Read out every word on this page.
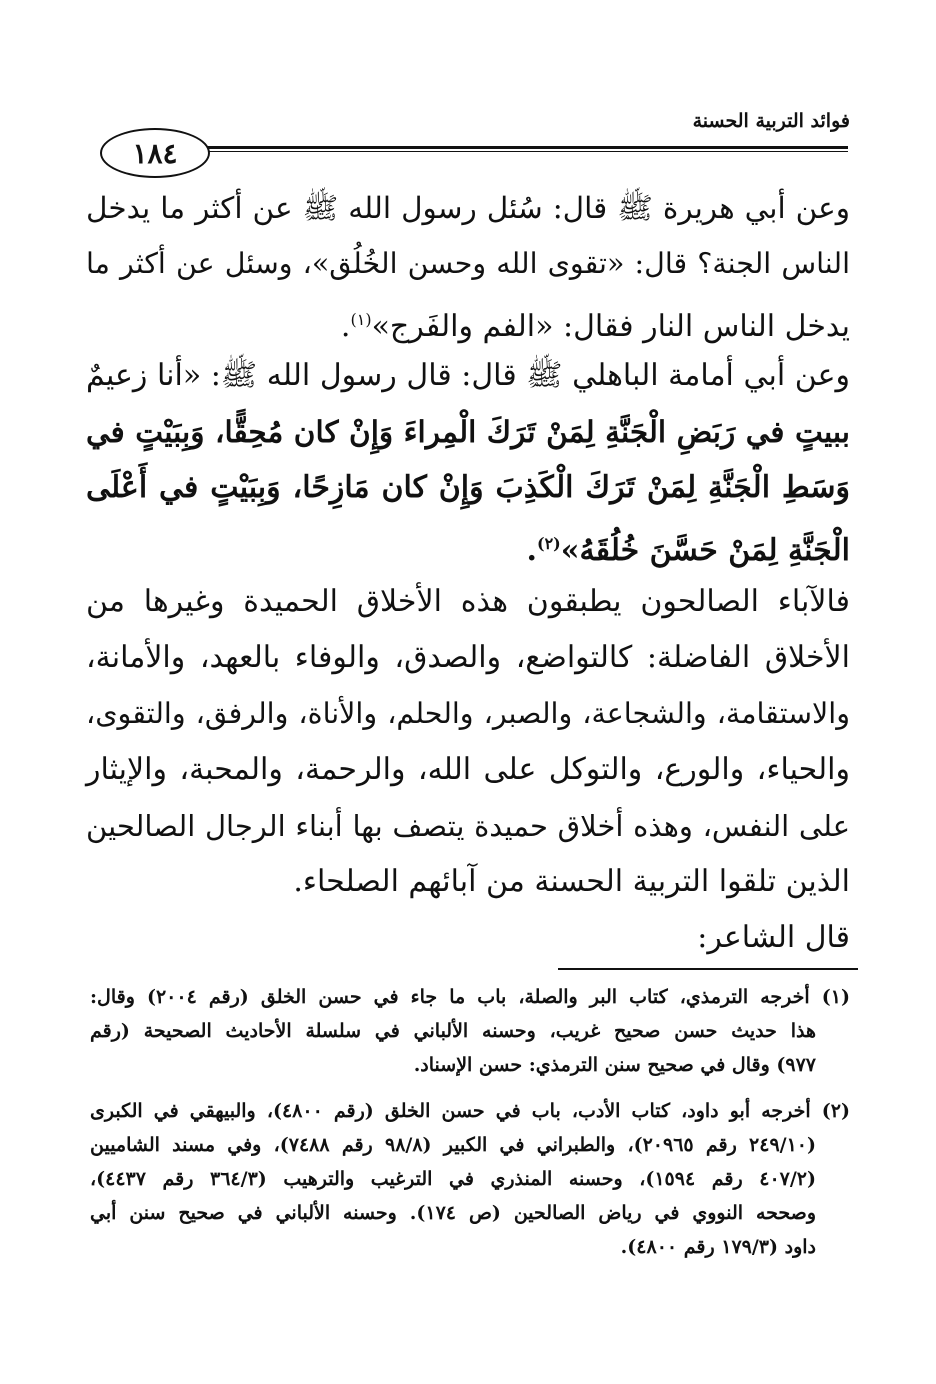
فوائد التربية الحسنة
١٨٤
وعن أبي هريرة ﷺ قال: سُئل رسول الله ﷺ عن أكثر ما يدخل
الناس الجنة؟ قال: «تقوى الله وحسن الخُلُق»، وسئل عن أكثر ما
يدخل الناس النار فقال: «الفم والفَرج»$^{(١)}$.
وعن أبي أمامة الباهلي ﷺ قال: قال رسول الله ﷺ: «أنا زعيمٌ
ببيتٍ في رَبَضِ الْجَنَّةِ لِمَنْ تَرَكَ الْمِراءَ وَإِنْ كان مُحِقًّا، وَبِبَيْتٍ في
وَسَطِ الْجَنَّةِ لِمَنْ تَرَكَ الْكَذِبَ وَإِنْ كان مَازِحًا، وَبِبَيْتٍ في أَعْلَى
الْجَنَّةِ لِمَنْ حَسَّنَ خُلُقَهُ»$^{(٢)}$.
فالآباء الصالحون يطبقون هذه الأخلاق الحميدة وغيرها من
الأخلاق الفاضلة: كالتواضع، والصدق، والوفاء بالعهد، والأمانة،
والاستقامة، والشجاعة، والصبر، والحلم، والأناة، والرفق، والتقوى،
والحياء، والورع، والتوكل على الله، والرحمة، والمحبة، والإيثار
على النفس، وهذه أخلاق حميدة يتصف بها أبناء الرجال الصالحين
الذين تلقوا التربية الحسنة من آبائهم الصلحاء.
قال الشاعر:
(١) أخرجه الترمذي، كتاب البر والصلة، باب ما جاء في حسن الخلق (رقم ٢٠٠٤) وقال:
هذا حديث حسن صحيح غريب، وحسنه الألباني في سلسلة الأحاديث الصحيحة (رقم
٩٧٧) وقال في صحيح سنن الترمذي: حسن الإسناد.
(٢) أخرجه أبو داود، كتاب الأدب، باب في حسن الخلق (رقم ٤٨٠٠)، والبيهقي في الكبرى
(٢٤٩/١٠ رقم ٢٠٩٦٥)، والطبراني في الكبير (٩٨/٨ رقم ٧٤٨٨)، وفي مسند الشاميين
(٤٠٧/٢ رقم ١٥٩٤)، وحسنه المنذري في الترغيب والترهيب (٣٦٤/٣ رقم ٤٤٣٧)،
وصححه النووي في رياض الصالحين (ص ١٧٤). وحسنه الألباني في صحيح سنن أبي
داود (١٧٩/٣ رقم ٤٨٠٠).
